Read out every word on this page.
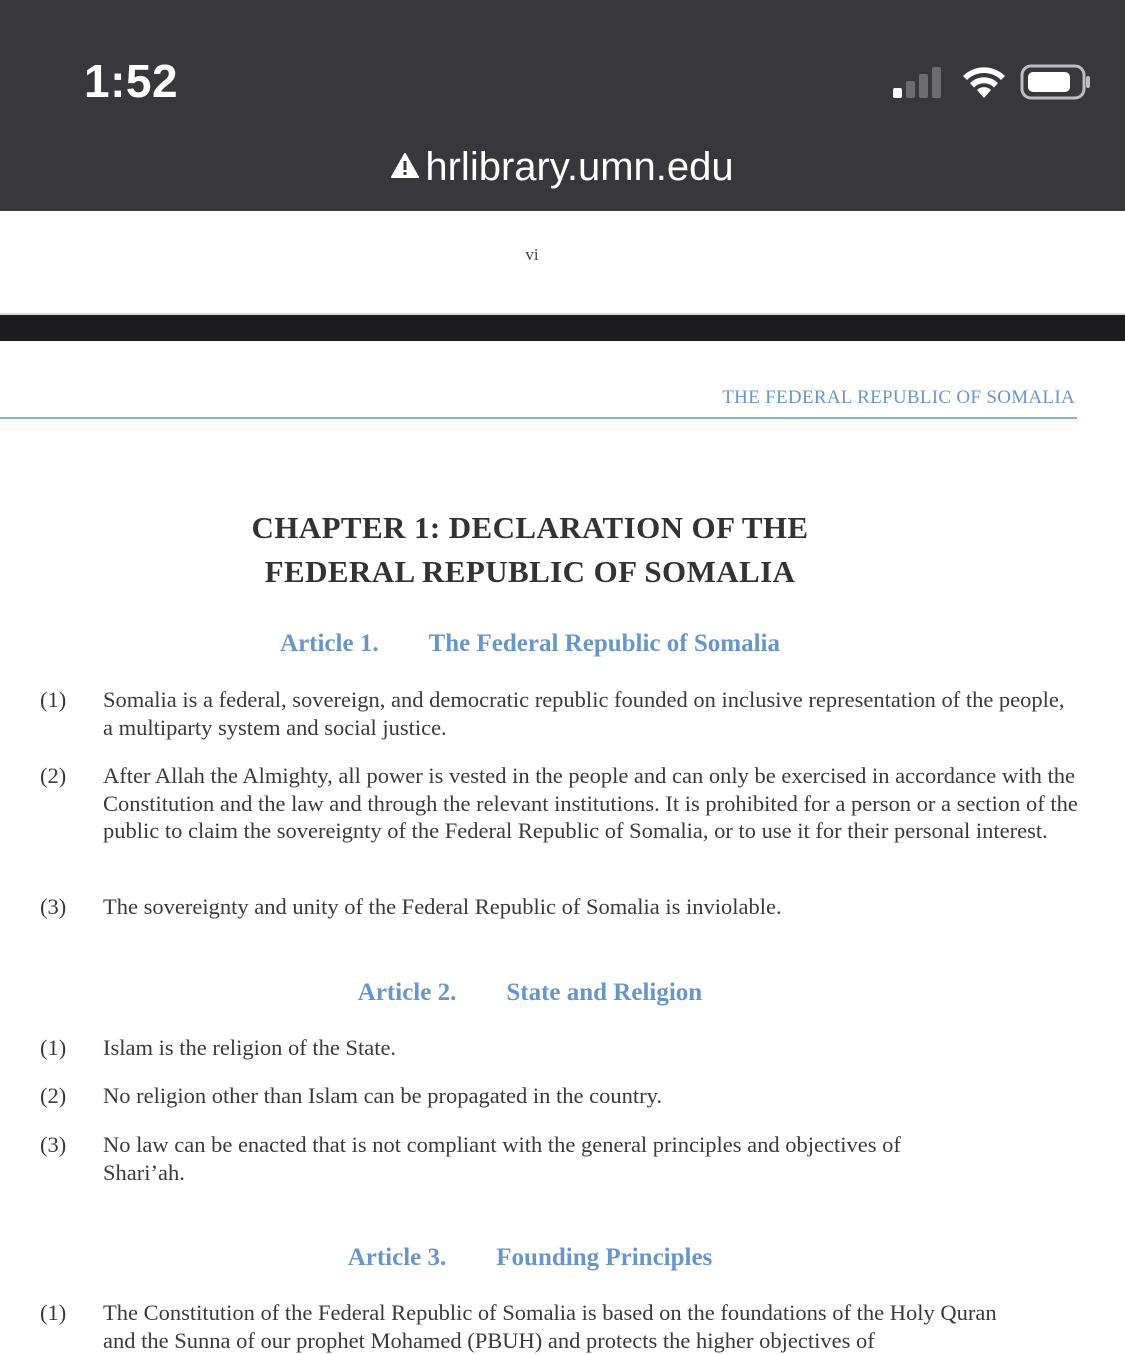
1:52
hrlibrary.umn.edu
vi
THE FEDERAL REPUBLIC OF SOMALIA
CHAPTER 1: DECLARATION OF THE
FEDERAL REPUBLIC OF SOMALIA
Article 1. The Federal Republic of Somalia
(1) Somalia is a federal, sovereign, and democratic republic founded on inclusive representation of the people, a multiparty system and social justice.
(2) After Allah the Almighty, all power is vested in the people and can only be exercised in accordance with the Constitution and the law and through the relevant institutions. It is prohibited for a person or a section of the public to claim the sovereignty of the Federal Republic of Somalia, or to use it for their personal interest.
(3) The sovereignty and unity of the Federal Republic of Somalia is inviolable.
Article 2. State and Religion
(1) Islam is the religion of the State.
(2) No religion other than Islam can be propagated in the country.
(3) No law can be enacted that is not compliant with the general principles and objectives of Shari’ah.
Article 3. Founding Principles
(1) The Constitution of the Federal Republic of Somalia is based on the foundations of the Holy Quran and the Sunna of our prophet Mohamed (PBUH) and protects the higher objectives of
